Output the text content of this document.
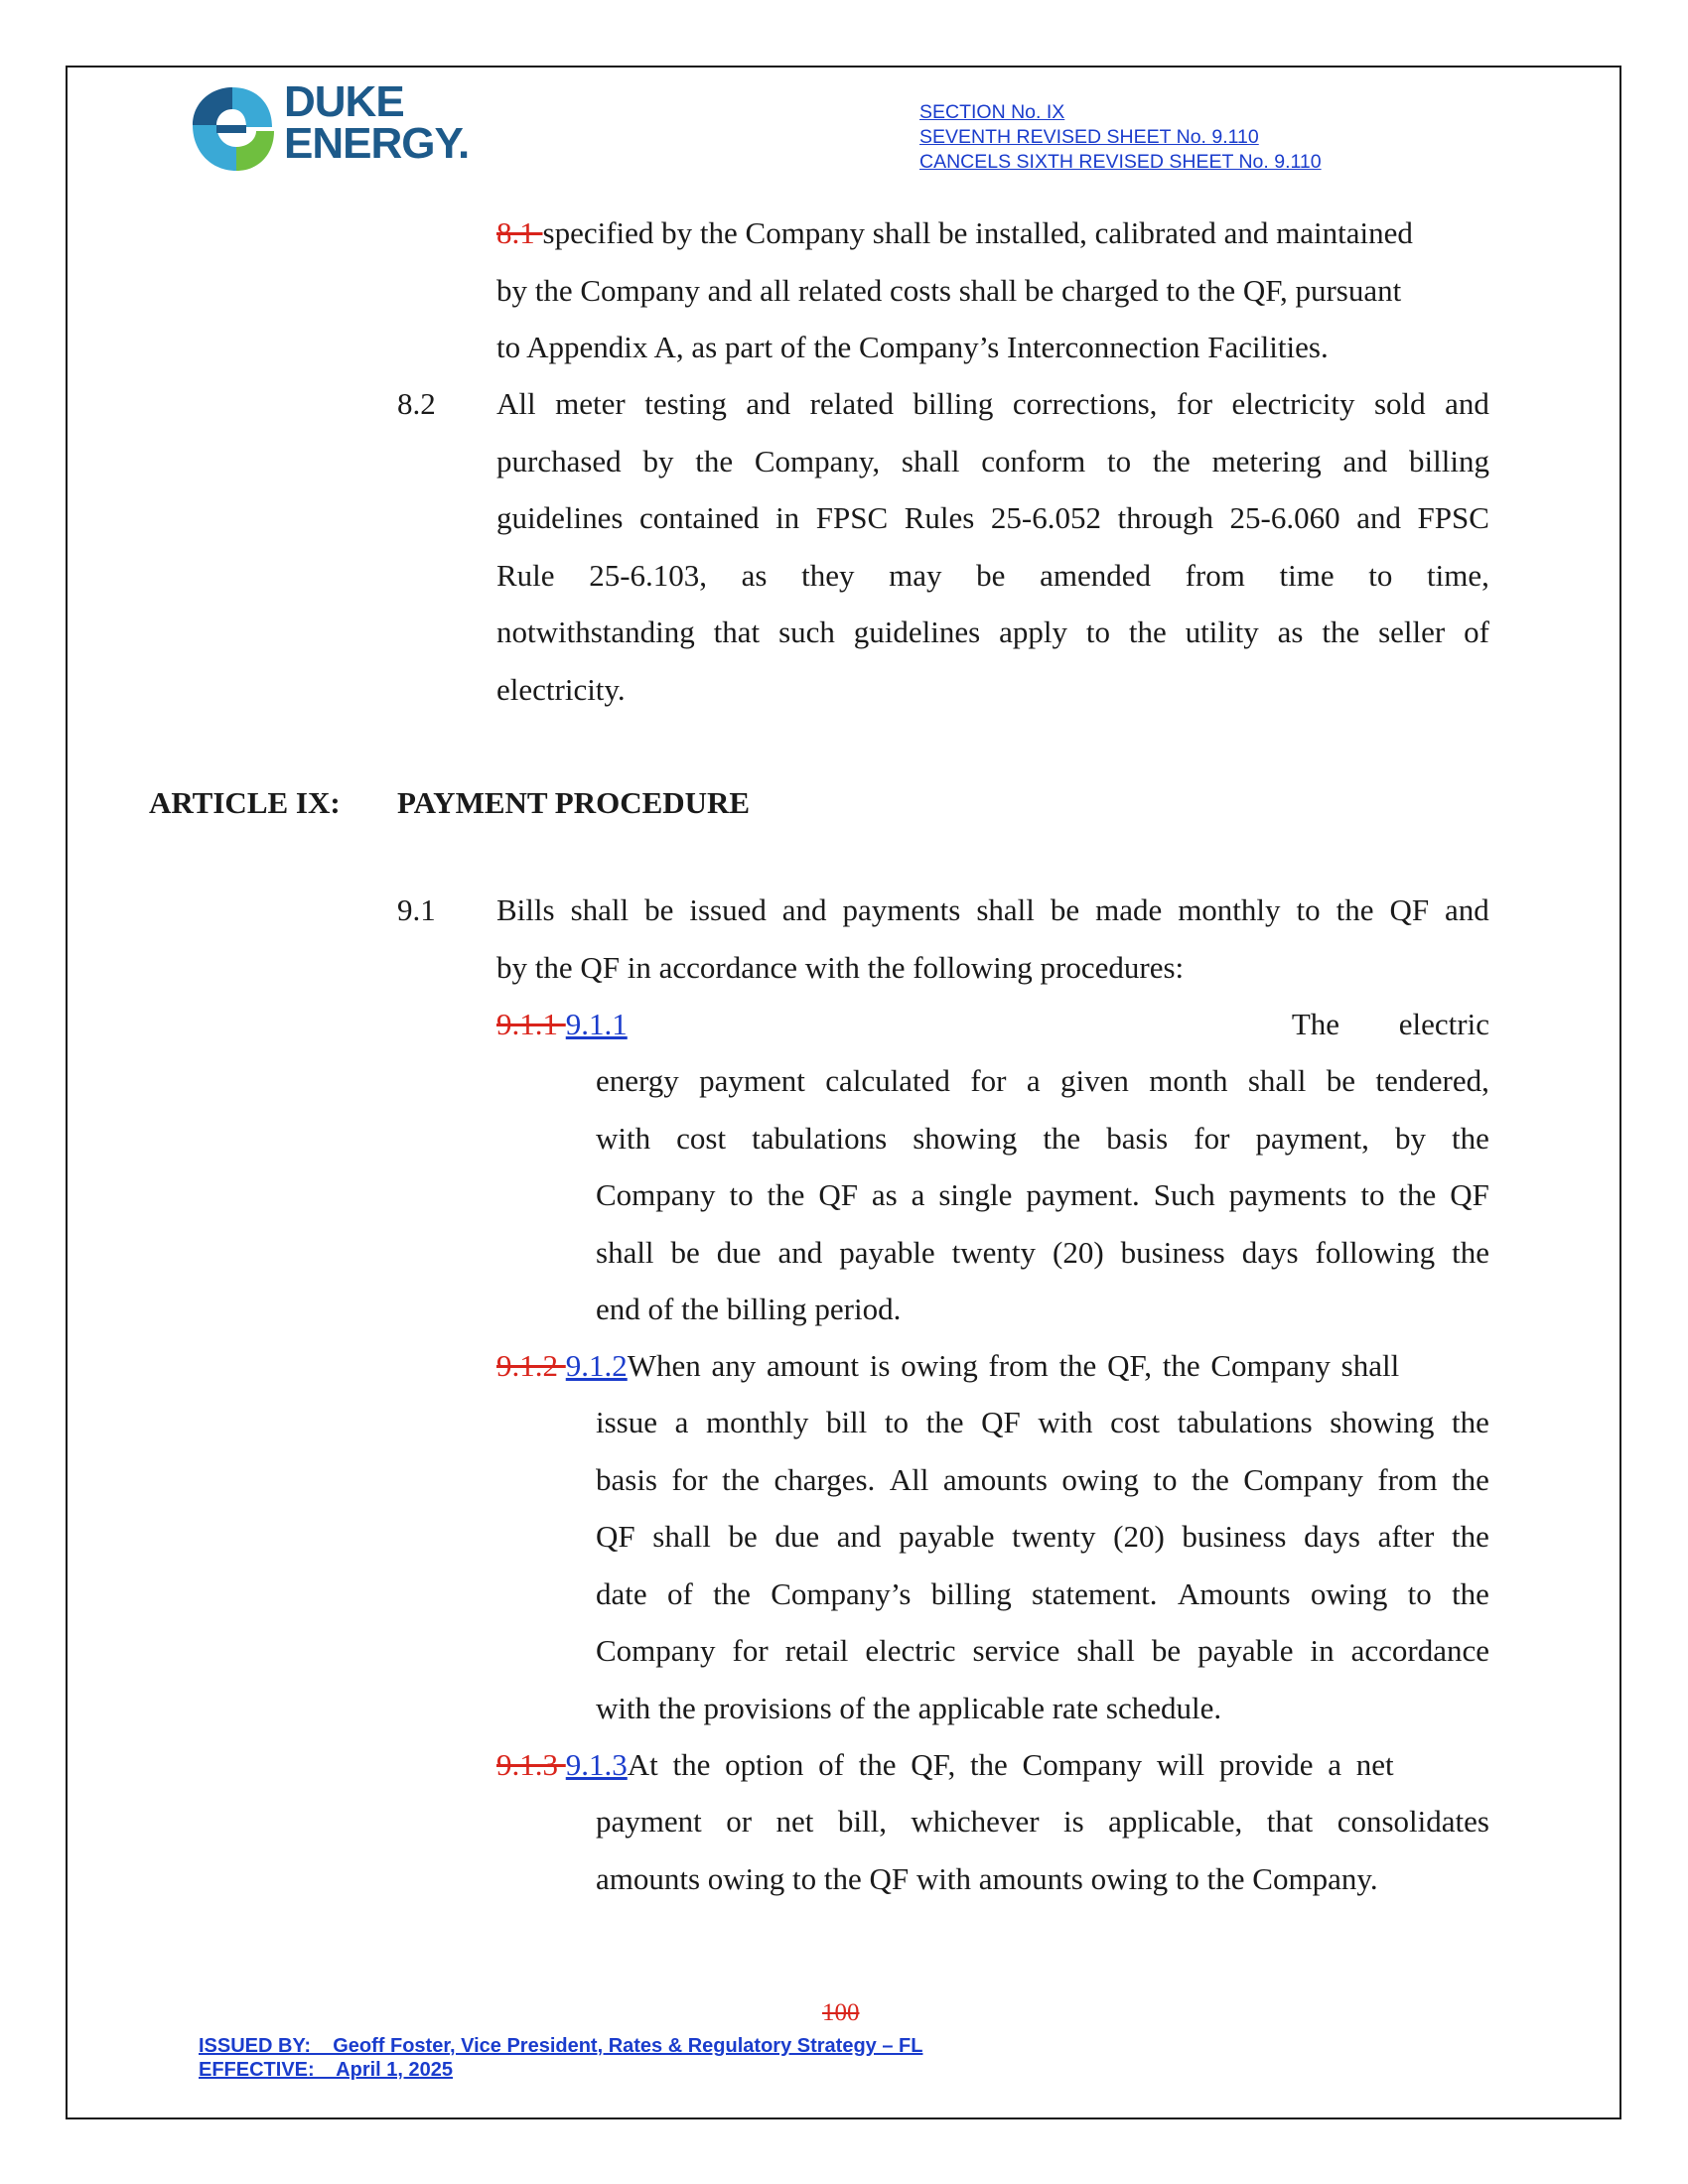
DUKE
ENERGY.
SECTION No. IX
SEVENTH REVISED SHEET No. 9.110
CANCELS SIXTH REVISED SHEET No. 9.110
8.1 specified by the Company shall be installed, calibrated and maintained
by the Company and all related costs shall be charged to the QF, pursuant
to Appendix A, as part of the Company’s Interconnection Facilities.
8.2 All meter testing and related billing corrections, for electricity sold and
purchased by the Company, shall conform to the metering and billing
guidelines contained in FPSC Rules 25-6.052 through 25-6.060 and FPSC
Rule 25-6.103, as they may be amended from time to time,
notwithstanding that such guidelines apply to the utility as the seller of
electricity.
ARTICLE IX: PAYMENT PROCEDURE
9.1 Bills shall be issued and payments shall be made monthly to the QF and
by the QF in accordance with the following procedures:
9.1.1 9.1.1	The electric
energy payment calculated for a given month shall be tendered,
with cost tabulations showing the basis for payment, by the
Company to the QF as a single payment. Such payments to the QF
shall be due and payable twenty (20) business days following the
end of the billing period.
9.1.2 9.1.2When any amount is owing from the QF, the Company shall
issue a monthly bill to the QF with cost tabulations showing the
basis for the charges. All amounts owing to the Company from the
QF shall be due and payable twenty (20) business days after the
date of the Company’s billing statement. Amounts owing to the
Company for retail electric service shall be payable in accordance
with the provisions of the applicable rate schedule.
9.1.3 9.1.3At the option of the QF, the Company will provide a net
payment or net bill, whichever is applicable, that consolidates
amounts owing to the QF with amounts owing to the Company.
100
ISSUED BY:    Geoff Foster, Vice President, Rates & Regulatory Strategy – FL
EFFECTIVE:    April 1, 2025
